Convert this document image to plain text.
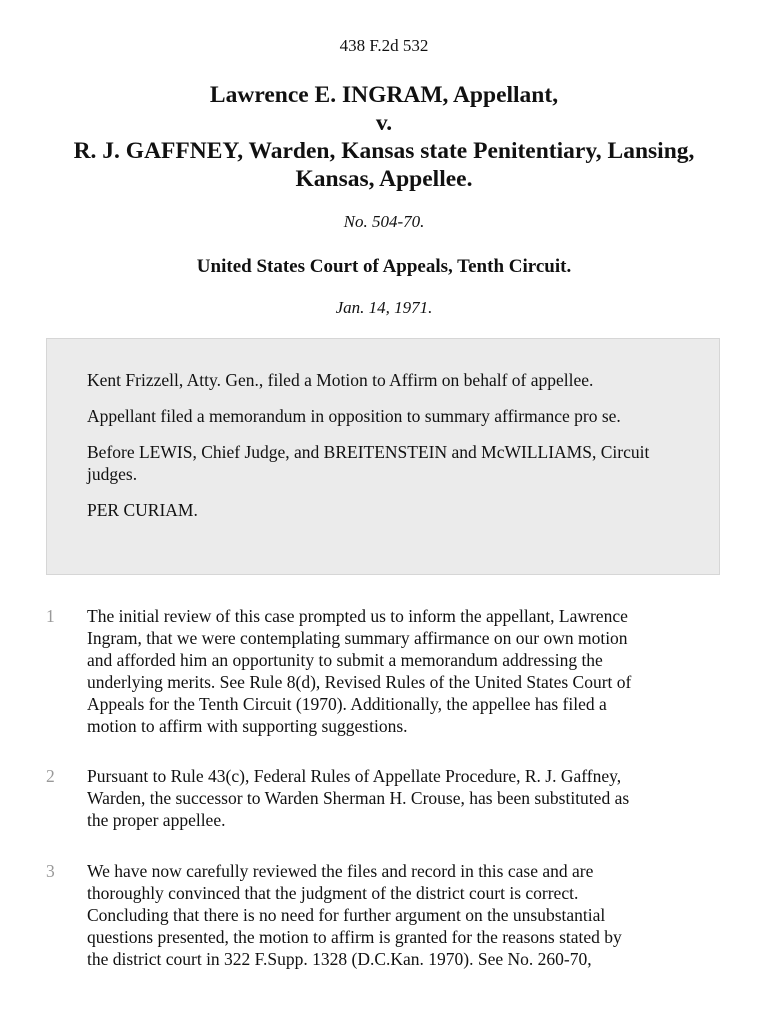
438 F.2d 532
Lawrence E. INGRAM, Appellant,
v.
R. J. GAFFNEY, Warden, Kansas state Penitentiary, Lansing,
Kansas, Appellee.
No. 504-70.
United States Court of Appeals, Tenth Circuit.
Jan. 14, 1971.

Kent Frizzell, Atty. Gen., filed a Motion to Affirm on behalf of appellee.

Appellant filed a memorandum in opposition to summary affirmance pro se.

Before LEWIS, Chief Judge, and BREITENSTEIN and McWILLIAMS, Circuit judges.

PER CURIAM.

1 The initial review of this case prompted us to inform the appellant, Lawrence
Ingram, that we were contemplating summary affirmance on our own motion
and afforded him an opportunity to submit a memorandum addressing the
underlying merits. See Rule 8(d), Revised Rules of the United States Court of
Appeals for the Tenth Circuit (1970). Additionally, the appellee has filed a
motion to affirm with supporting suggestions.
2 Pursuant to Rule 43(c), Federal Rules of Appellate Procedure, R. J. Gaffney,
Warden, the successor to Warden Sherman H. Crouse, has been substituted as
the proper appellee.
3 We have now carefully reviewed the files and record in this case and are
thoroughly convinced that the judgment of the district court is correct.
Concluding that there is no need for further argument on the unsubstantial
questions presented, the motion to affirm is granted for the reasons stated by
the district court in 322 F.Supp. 1328 (D.C.Kan. 1970). See No. 260-70,
